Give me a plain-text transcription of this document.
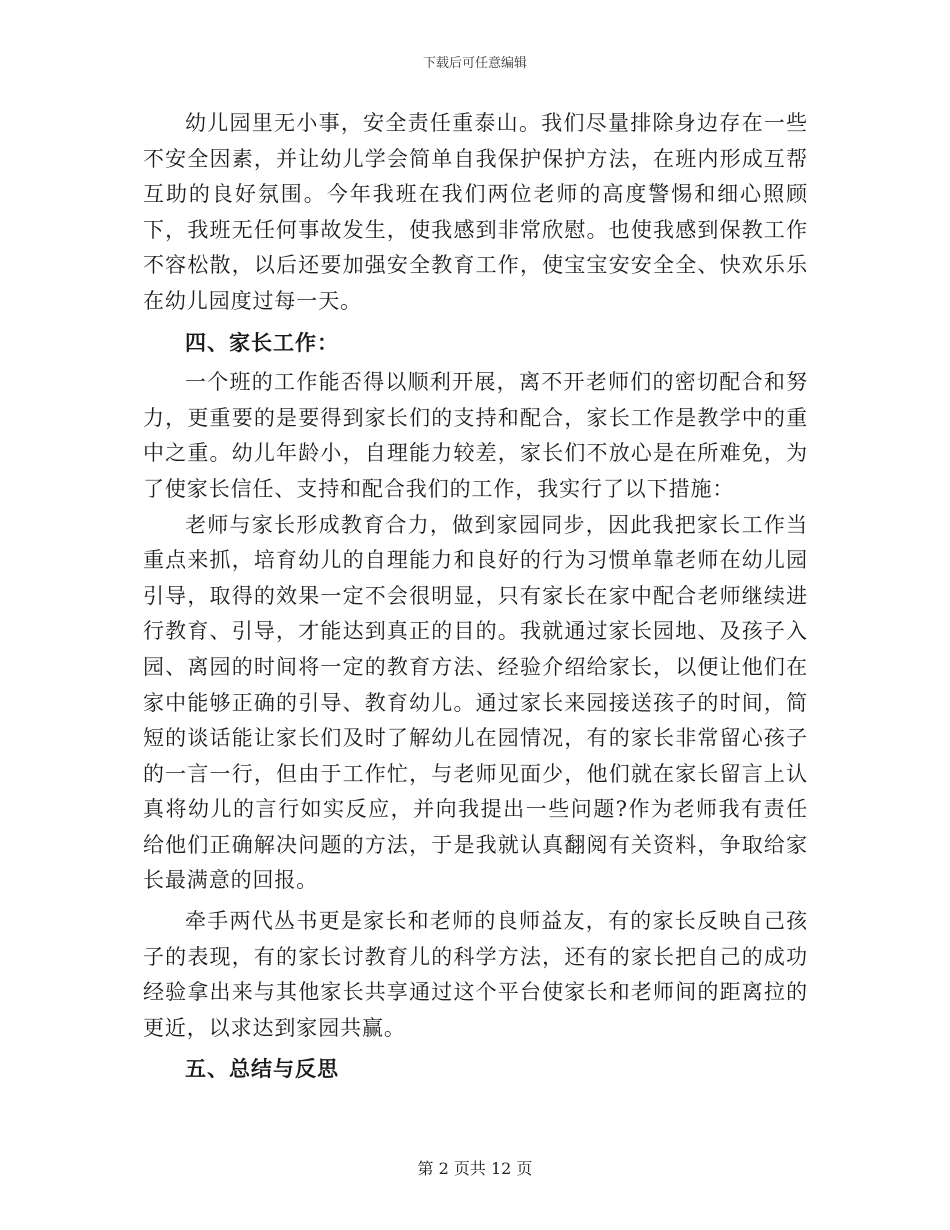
下载后可任意编辑

幼儿园里无小事，安全责任重泰山。我们尽量排除身边存在一些不安全因素，并让幼儿学会简单自我保护保护方法，在班内形成互帮互助的良好氛围。今年我班在我们两位老师的高度警惕和细心照顾下，我班无任何事故发生，使我感到非常欣慰。也使我感到保教工作不容松散，以后还要加强安全教育工作，使宝宝安安全全、快欢乐乐在幼儿园度过每一天。

四、家长工作：

一个班的工作能否得以顺利开展，离不开老师们的密切配合和努力，更重要的是要得到家长们的支持和配合，家长工作是教学中的重中之重。幼儿年龄小，自理能力较差，家长们不放心是在所难免，为了使家长信任、支持和配合我们的工作，我实行了以下措施：

老师与家长形成教育合力，做到家园同步，因此我把家长工作当重点来抓，培育幼儿的自理能力和良好的行为习惯单靠老师在幼儿园引导，取得的效果一定不会很明显，只有家长在家中配合老师继续进行教育、引导，才能达到真正的目的。我就通过家长园地、及孩子入园、离园的时间将一定的教育方法、经验介绍给家长，以便让他们在家中能够正确的引导、教育幼儿。通过家长来园接送孩子的时间，简短的谈话能让家长们及时了解幼儿在园情况，有的家长非常留心孩子的一言一行，但由于工作忙，与老师见面少，他们就在家长留言上认真将幼儿的言行如实反应，并向我提出一些问题?作为老师我有责任给他们正确解决问题的方法，于是我就认真翻阅有关资料，争取给家长最满意的回报。

牵手两代丛书更是家长和老师的良师益友，有的家长反映自己孩子的表现，有的家长讨教育儿的科学方法，还有的家长把自己的成功经验拿出来与其他家长共享通过这个平台使家长和老师间的距离拉的更近，以求达到家园共赢。

五、总结与反思

第 2 页共 12 页
